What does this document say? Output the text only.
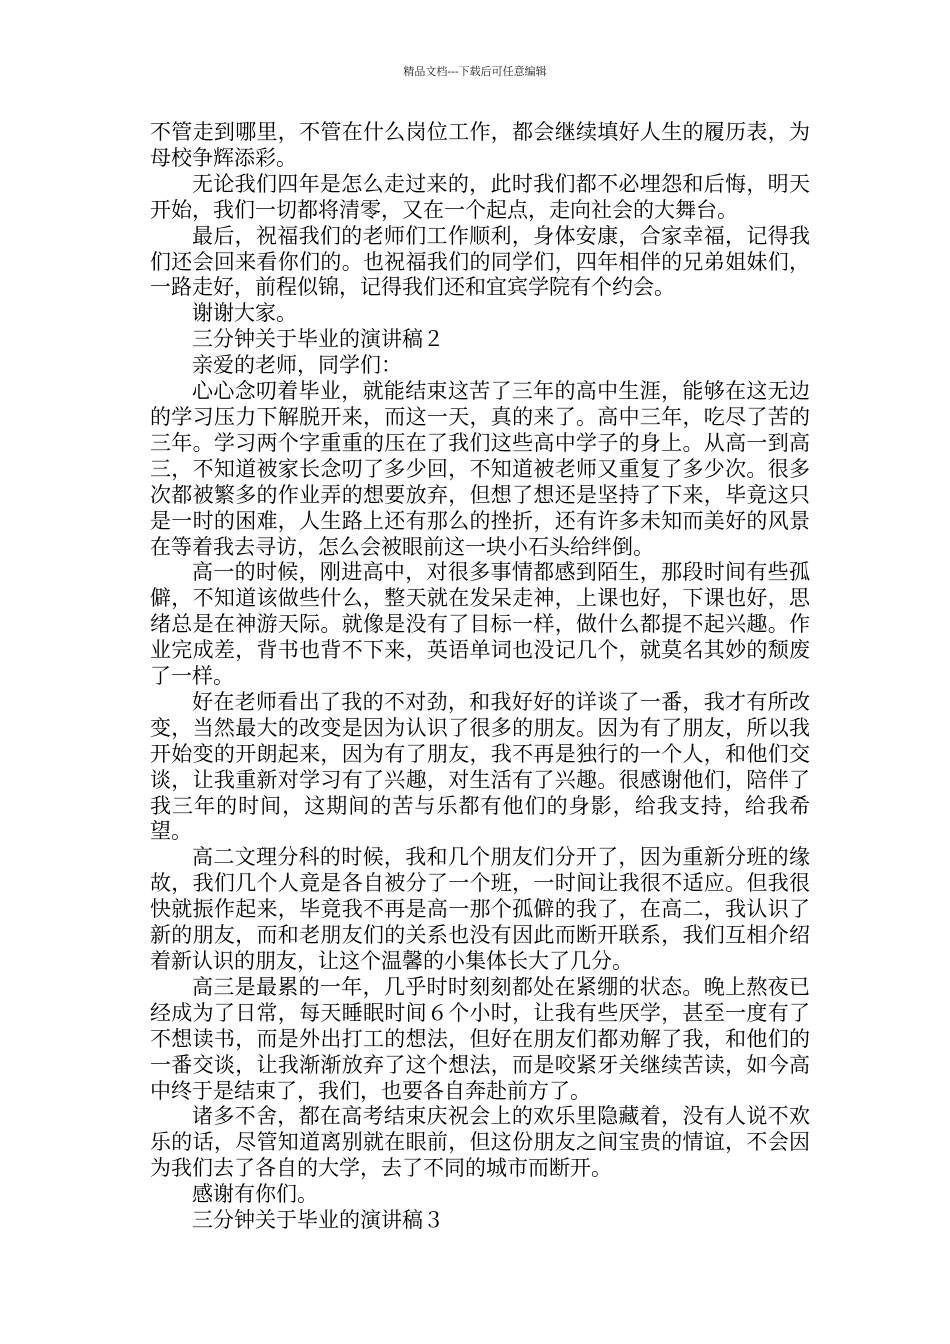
精品文档---下载后可任意编辑

不管走到哪里，不管在什么岗位工作，都会继续填好人生的履历表，为母校争辉添彩。

无论我们四年是怎么走过来的，此时我们都不必埋怨和后悔，明天开始，我们一切都将清零，又在一个起点，走向社会的大舞台。

最后，祝福我们的老师们工作顺利，身体安康，合家幸福，记得我们还会回来看你们的。也祝福我们的同学们，四年相伴的兄弟姐妹们，一路走好，前程似锦，记得我们还和宜宾学院有个约会。

谢谢大家。

三分钟关于毕业的演讲稿２

亲爱的老师，同学们：

心心念叨着毕业，就能结束这苦了三年的高中生涯，能够在这无边的学习压力下解脱开来，而这一天，真的来了。高中三年，吃尽了苦的三年。学习两个字重重的压在了我们这些高中学子的身上。从高一到高三，不知道被家长念叨了多少回，不知道被老师又重复了多少次。很多次都被繁多的作业弄的想要放弃，但想了想还是坚持了下来，毕竟这只是一时的困难，人生路上还有那么的挫折，还有许多未知而美好的风景在等着我去寻访，怎么会被眼前这一块小石头给绊倒。

高一的时候，刚进高中，对很多事情都感到陌生，那段时间有些孤僻，不知道该做些什么，整天就在发呆走神，上课也好，下课也好，思绪总是在神游天际。就像是没有了目标一样，做什么都提不起兴趣。作业完成差，背书也背不下来，英语单词也没记几个，就莫名其妙的颓废了一样。

好在老师看出了我的不对劲，和我好好的详谈了一番，我才有所改变，当然最大的改变是因为认识了很多的朋友。因为有了朋友，所以我开始变的开朗起来，因为有了朋友，我不再是独行的一个人，和他们交谈，让我重新对学习有了兴趣，对生活有了兴趣。很感谢他们，陪伴了我三年的时间，这期间的苦与乐都有他们的身影，给我支持，给我希望。

高二文理分科的时候，我和几个朋友们分开了，因为重新分班的缘故，我们几个人竟是各自被分了一个班，一时间让我很不适应。但我很快就振作起来，毕竟我不再是高一那个孤僻的我了，在高二，我认识了新的朋友，而和老朋友们的关系也没有因此而断开联系，我们互相介绍着新认识的朋友，让这个温馨的小集体长大了几分。

高三是最累的一年，几乎时时刻刻都处在紧绷的状态。晚上熬夜已经成为了日常，每天睡眠时间６个小时，让我有些厌学，甚至一度有了不想读书，而是外出打工的想法，但好在朋友们都劝解了我，和他们的一番交谈，让我渐渐放弃了这个想法，而是咬紧牙关继续苦读，如今高中终于是结束了，我们，也要各自奔赴前方了。

诸多不舍，都在高考结束庆祝会上的欢乐里隐藏着，没有人说不欢乐的话，尽管知道离别就在眼前，但这份朋友之间宝贵的情谊，不会因为我们去了各自的大学，去了不同的城市而断开。

感谢有你们。

三分钟关于毕业的演讲稿３
